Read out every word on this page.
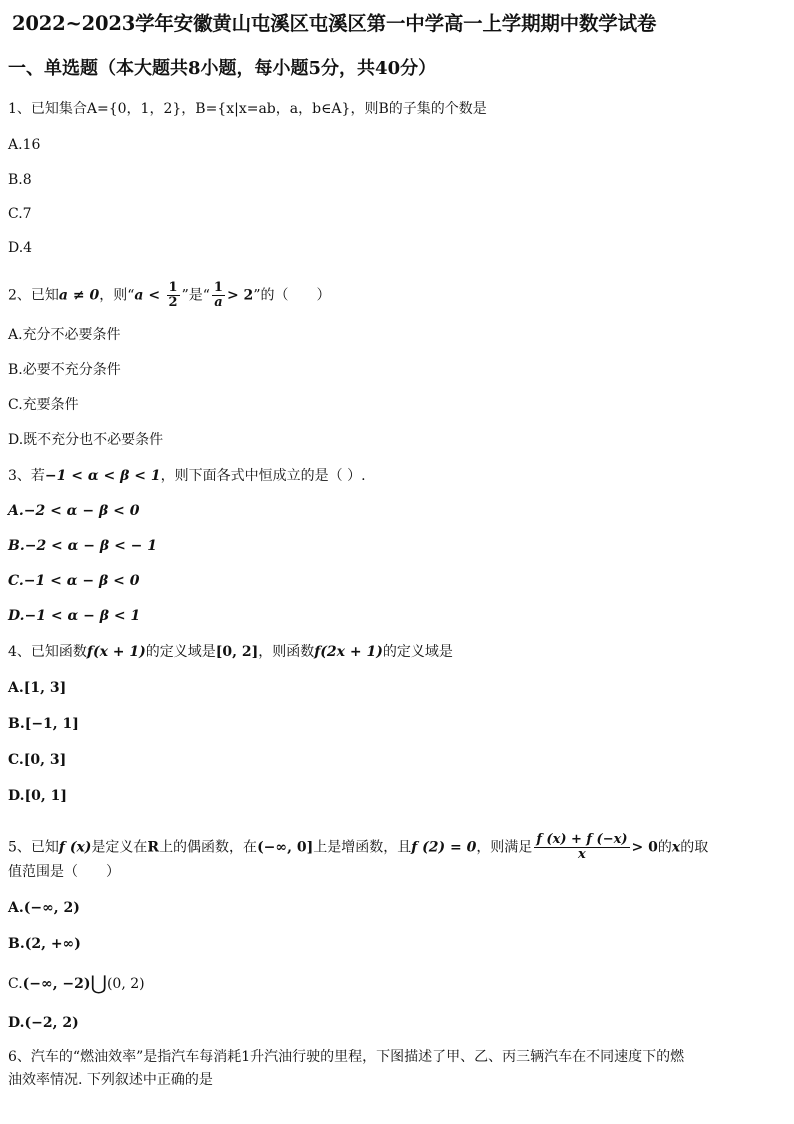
2022~2023学年安徽黄山屯溪区屯溪区第一中学高一上学期期中数学试卷
一、单选题（本大题共8小题，每小题5分，共40分）
1、已知集合A={0，1，2}，B={x|x=ab，a，b∈A}，则B的子集的个数是
A.16
B.8
C.7
D.4
2、已知a ≠ 0，则“$a < \frac{1}{2}$ ”是“ $\frac{1}{a} > 2$”的（　　）
A.充分不必要条件
B.必要不充分条件
C.充要条件
D.既不充分也不必要条件
3、若−1 < α < β < 1，则下面各式中恒成立的是（ ）.
A.−2 < α − β < 0
B.−2 < α − β < − 1
C.−1 < α − β < 0
D.−1 < α − β < 1
4、已知函数f(x + 1)的定义域是[0, 2]，则函数f(2x + 1)的定义域是
A.[1, 3]
B.[−1, 1]
C.[0, 3]
D.[0, 1]
5、已知f (x)是定义在R上的偶函数，在(−∞, 0]上是增函数，且f (2) = 0，则满足 $\frac{f (x) + f (-x)}{x} > 0$的x的取
值范围是（　　）
A.(−∞, 2)
B.(2, +∞)
C.(−∞, −2)⋃(0, 2)
D.(−2, 2)
6、汽车的“燃油效率”是指汽车每消耗1升汽油行驶的里程，下图描述了甲、乙、丙三辆汽车在不同速度下的燃
油效率情况. 下列叙述中正确的是
